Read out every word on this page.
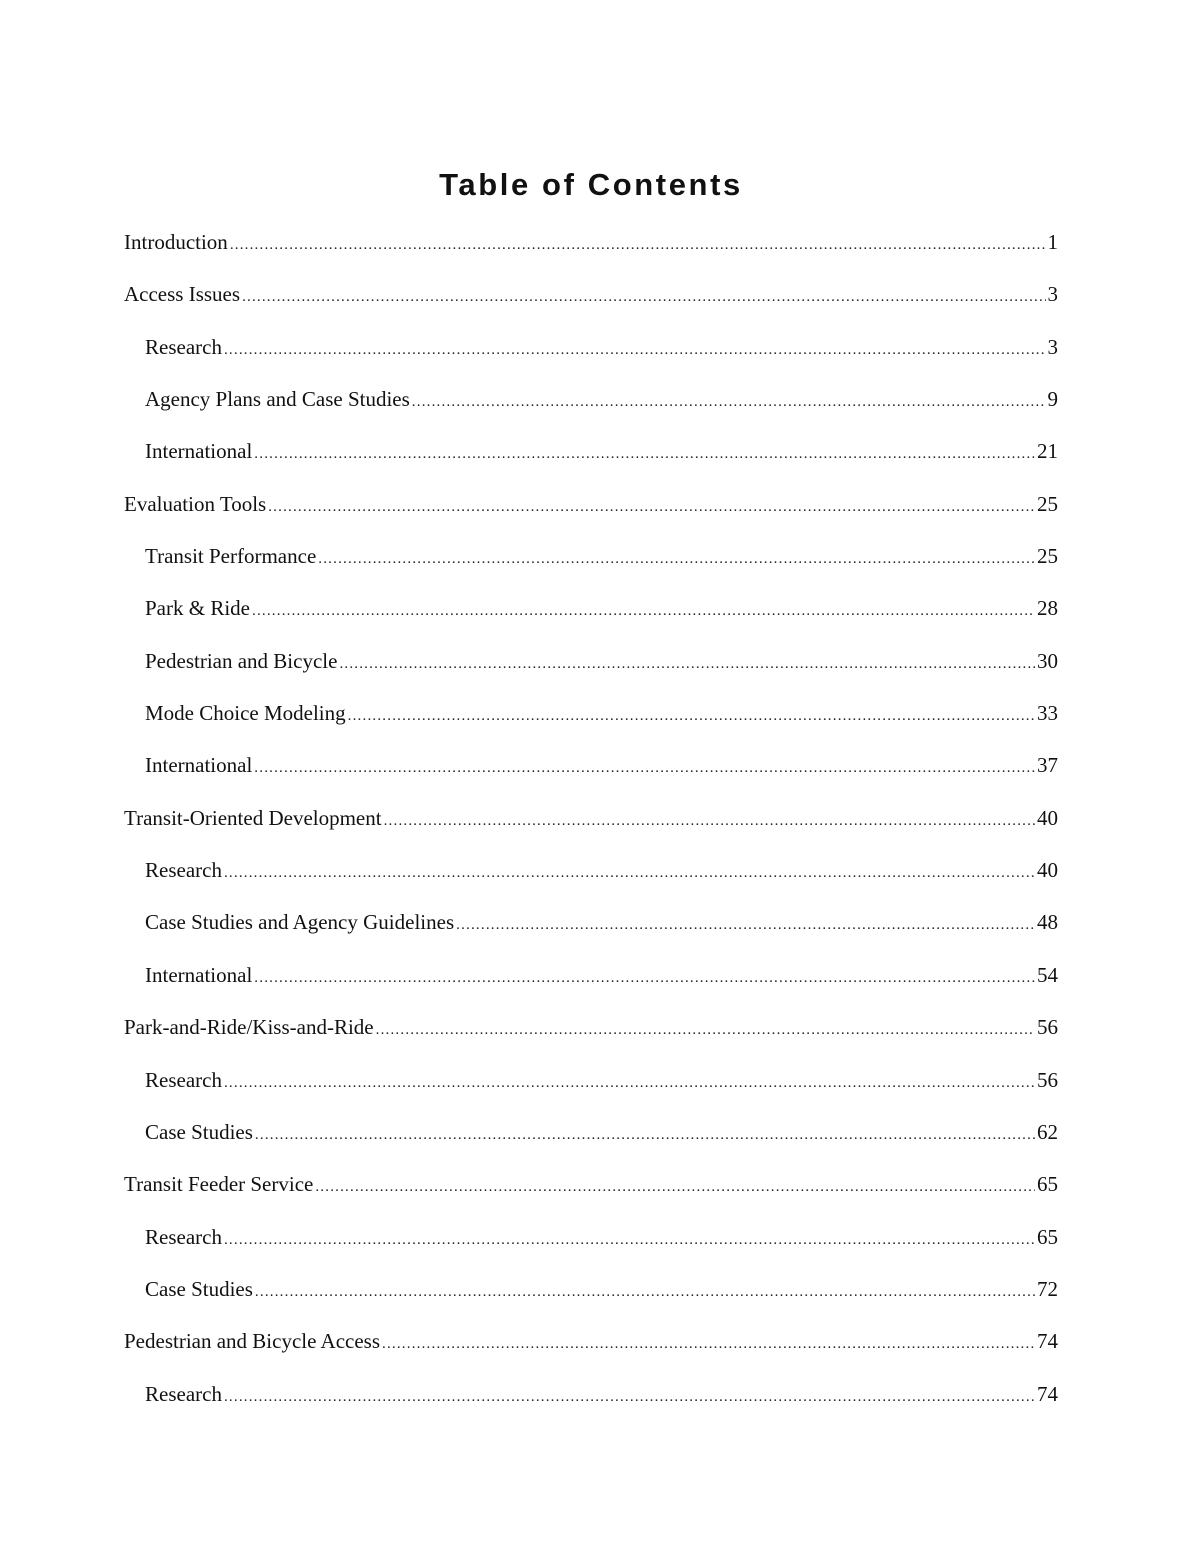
Table of Contents
Introduction .....	1
Access Issues .....	3
Research .....	3
Agency Plans and Case Studies .....	9
International .....	21
Evaluation Tools .....	25
Transit Performance .....	25
Park & Ride .....	28
Pedestrian and Bicycle .....	30
Mode Choice Modeling .....	33
International .....	37
Transit-Oriented Development .....	40
Research .....	40
Case Studies and Agency Guidelines .....	48
International .....	54
Park-and-Ride/Kiss-and-Ride .....	56
Research .....	56
Case Studies .....	62
Transit Feeder Service .....	65
Research .....	65
Case Studies .....	72
Pedestrian and Bicycle Access .....	74
Research .....	74
